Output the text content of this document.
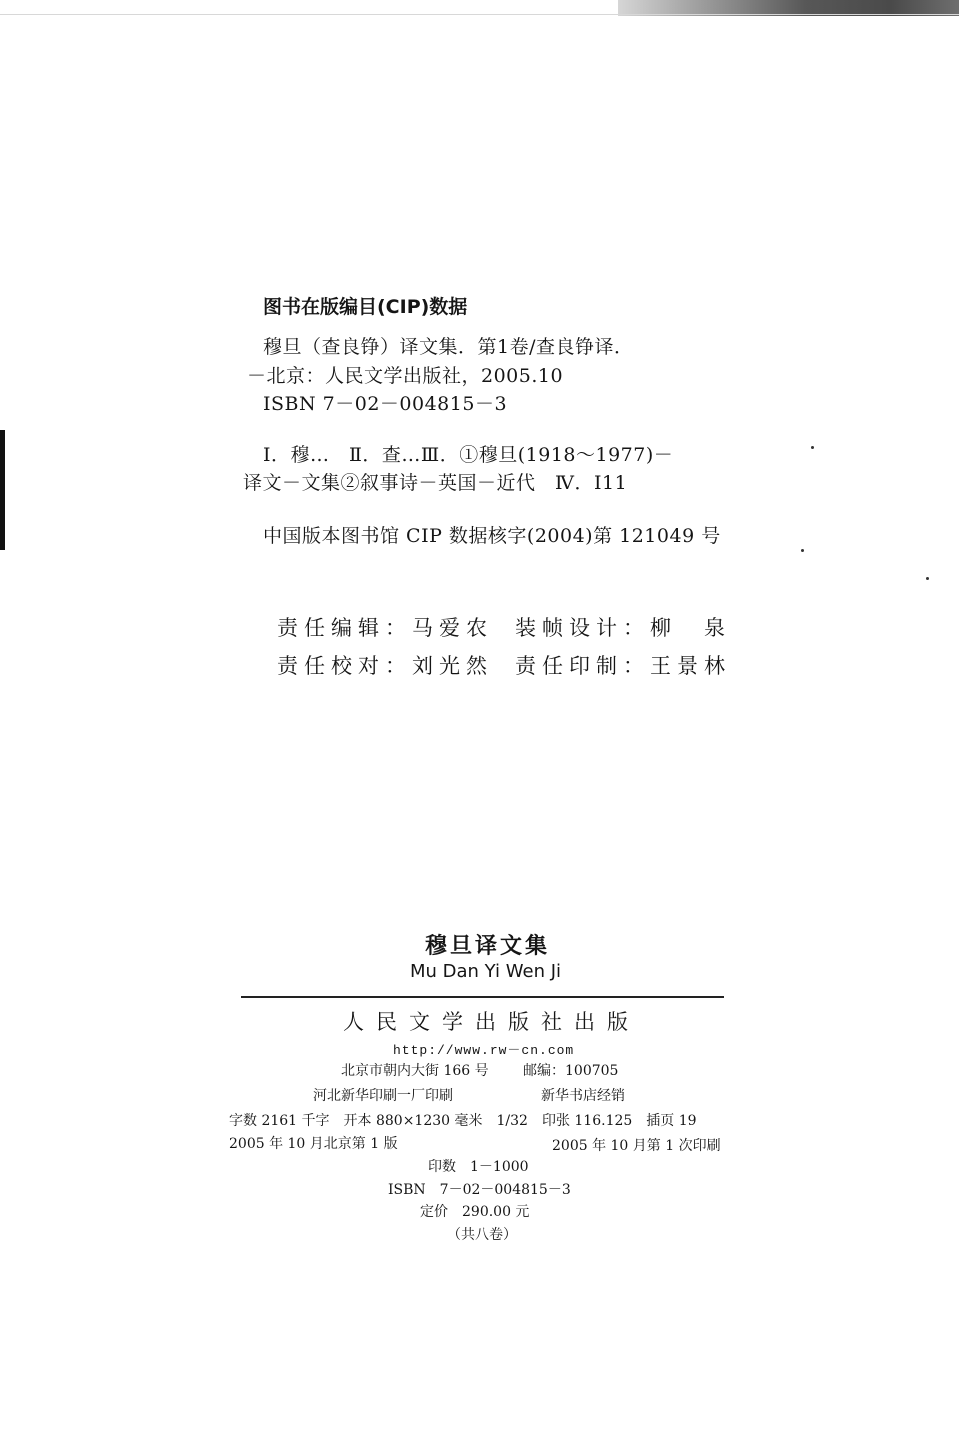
图书在版编目(CIP)数据
穆旦（查良铮）译文集．第1卷/查良铮译．
－北京：人民文学出版社，2005.10
ISBN 7－02－004815－3
Ⅰ．穆…　Ⅱ．查…Ⅲ．①穆旦(1918～1977)－
译文－文集②叙事诗－英国－近代　Ⅳ．I11
中国版本图书馆 CIP 数据核字(2004)第 121049 号
责任编辑：马爱农 装帧设计：柳　泉
责任校对：刘光然 责任印制：王景林
穆旦译文集
Mu Dan Yi Wen Ji
人民文学出版社出版
http://www.rw－cn.com
北京市朝内大街 166 号 邮编：100705
河北新华印刷一厂印刷	新华书店经销
字数 2161 千字　开本 880×1230 毫米　1/32　印张 116.125　插页 19
2005 年 10 月北京第 1 版	2005 年 10 月第 1 次印刷
印数　1－1000
ISBN　7－02－004815－3
定价　290.00 元
（共八卷）
